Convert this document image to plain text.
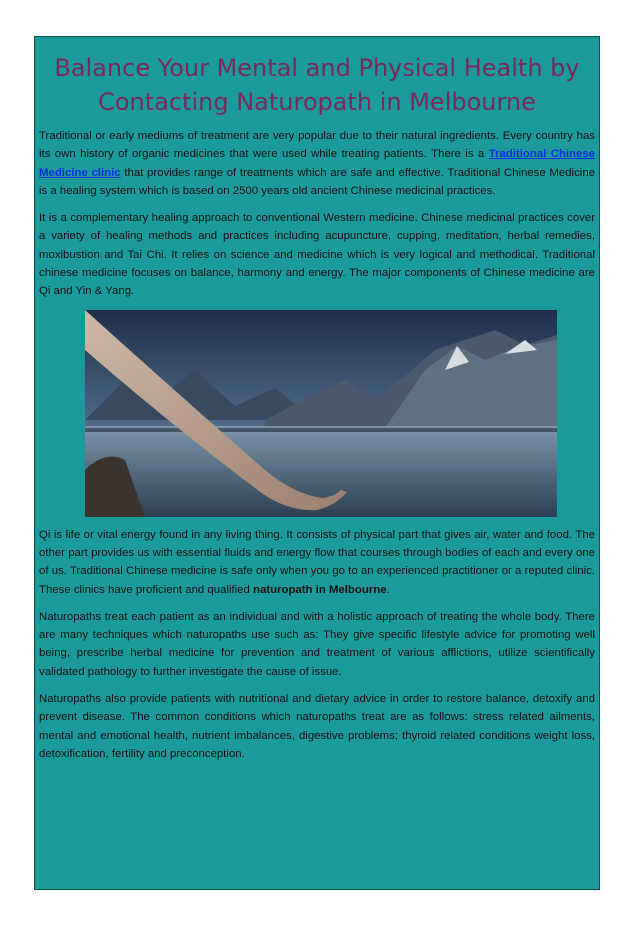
Balance Your Mental and Physical Health by Contacting Naturopath in Melbourne

Traditional or early mediums of treatment are very popular due to their natural ingredients. Every country has its own history of organic medicines that were used while treating patients. There is a Traditional Chinese Medicine clinic that provides range of treatments which are safe and effective. Traditional Chinese Medicine is a healing system which is based on 2500 years old ancient Chinese medicinal practices.

It is a complementary healing approach to conventional Western medicine. Chinese medicinal practices cover a variety of healing methods and practices including acupuncture, cupping, meditation, herbal remedies, moxibustion and Tai Chi. It relies on science and medicine which is very logical and methodical. Traditional chinese medicine focuses on balance, harmony and energy. The major components of Chinese medicine are Qi and Yin & Yang.

Qi is life or vital energy found in any living thing. It consists of physical part that gives air, water and food. The other part provides us with essential fluids and energy flow that courses through bodies of each and every one of us. Traditional Chinese medicine is safe only when you go to an experienced practitioner or a reputed clinic. These clinics have proficient and qualified naturopath in Melbourne.

Naturopaths treat each patient as an individual and with a holistic approach of treating the whole body. There are many techniques which naturopaths use such as: They give specific lifestyle advice for promoting well being, prescribe herbal medicine for prevention and treatment of various afflictions, utilize scientifically validated pathology to further investigate the cause of issue.

Naturopaths also provide patients with nutritional and dietary advice in order to restore balance, detoxify and prevent disease. The common conditions which naturopaths treat are as follows: stress related ailments, mental and emotional health, nutrient imbalances, digestive problems; thyroid related conditions weight loss, detoxification, fertility and preconception.
